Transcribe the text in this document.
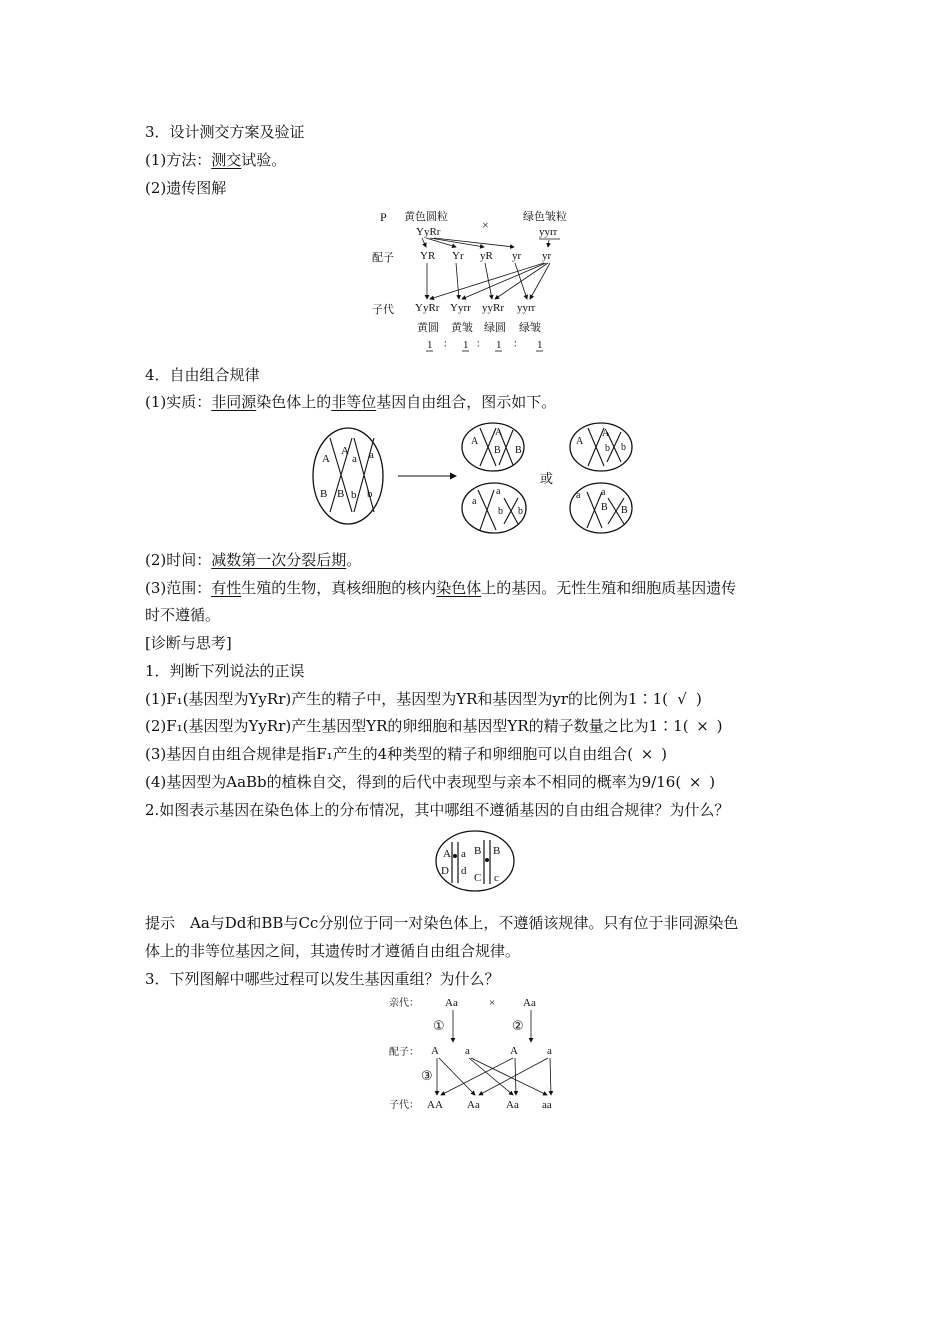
3．设计测交方案及验证
(1)方法：测交试验。
(2)遗传图解
P 黄色圆粒
YyRr	×
绿色皱粒
yyrr
配子 YR Yr yR yr yr
子代 YyRr Yyrr yyRr yyrr
黄圆 黄皱 绿圆 绿皱
1	1	1	1
： ：	：
4．自由组合规律
(1)实质：非同源染色体上的非等位基因自由组合，图示如下。
A
A
a a
B B b b
A
A
B B
a
a
b b
或
A
A
b b
a a
B B
(2)时间：减数第一次分裂后期。
(3)范围：有性生殖的生物，真核细胞的核内染色体上的基因。无性生殖和细胞质基因遗传
时不遵循。
[诊断与思考]
1．判断下列说法的正误
(1)F₁(基因型为YyRr)产生的精子中，基因型为YR和基因型为yr的比例为1∶1( √ )
(2)F₁(基因型为YyRr)产生基因型YR的卵细胞和基因型YR的精子数量之比为1∶1( × )
(3)基因自由组合规律是指F₁产生的4种类型的精子和卵细胞可以自由组合( × )
(4)基因型为AaBb的植株自交，得到的后代中表现型与亲本不相同的概率为9/16( × )
2.如图表示基因在染色体上的分布情况，其中哪组不遵循基因的自由组合规律？为什么？
A a
D d
B B
C c
提示　Aa与Dd和BB与Cc分别位于同一对染色体上，不遵循该规律。只有位于非同源染色
体上的非等位基因之间，其遗传时才遵循自由组合规律。
3．下列图解中哪些过程可以发生基因重组？为什么？
亲代： Aa	×	Aa
①	②
配子： A a	A	a
③
子代： AA Aa Aa aa
